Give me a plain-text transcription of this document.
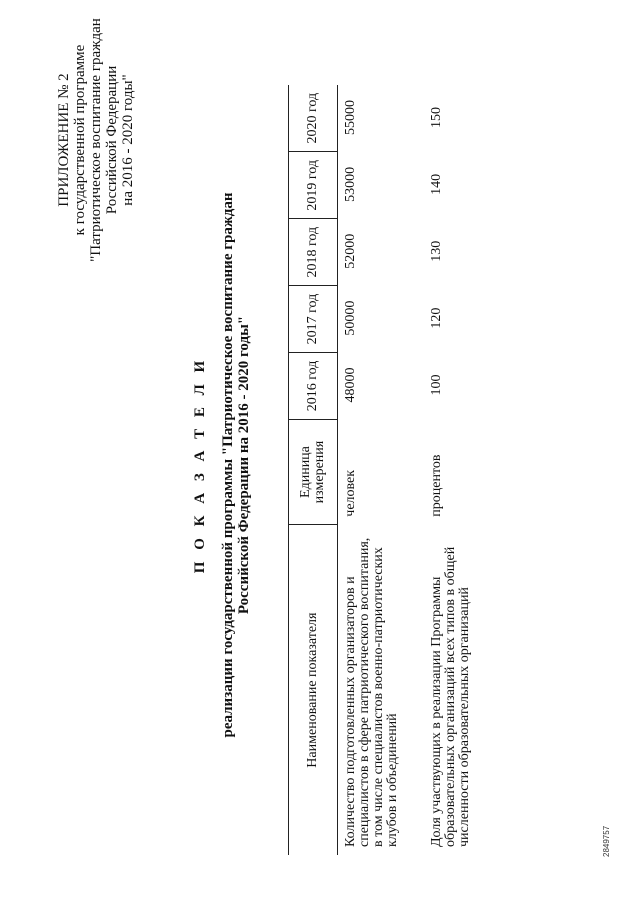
ПРИЛОЖЕНИЕ № 2 к государственной программе "Патриотическое воспитание граждан Российской Федерации на 2016 - 2020 годы"
П О К А З А Т Е Л И реализации государственной программы "Патриотическое воспитание граждан Российской Федерации на 2016 - 2020 годы"
Наименование показателя	Единица измерения	2016 год	2017 год	2018 год	2019 год	2020 год
Количество подготовленных организаторов и специалистов в сфере патриотического воспитания, в том числе специалистов военно-патриотических клубов и объединений	человек	48000	50000	52000	53000	55000
Доля участвующих в реализации Программы образовательных организаций всех типов в общей численности образовательных организаций	процентов	100	120	130	140	150
2849757
